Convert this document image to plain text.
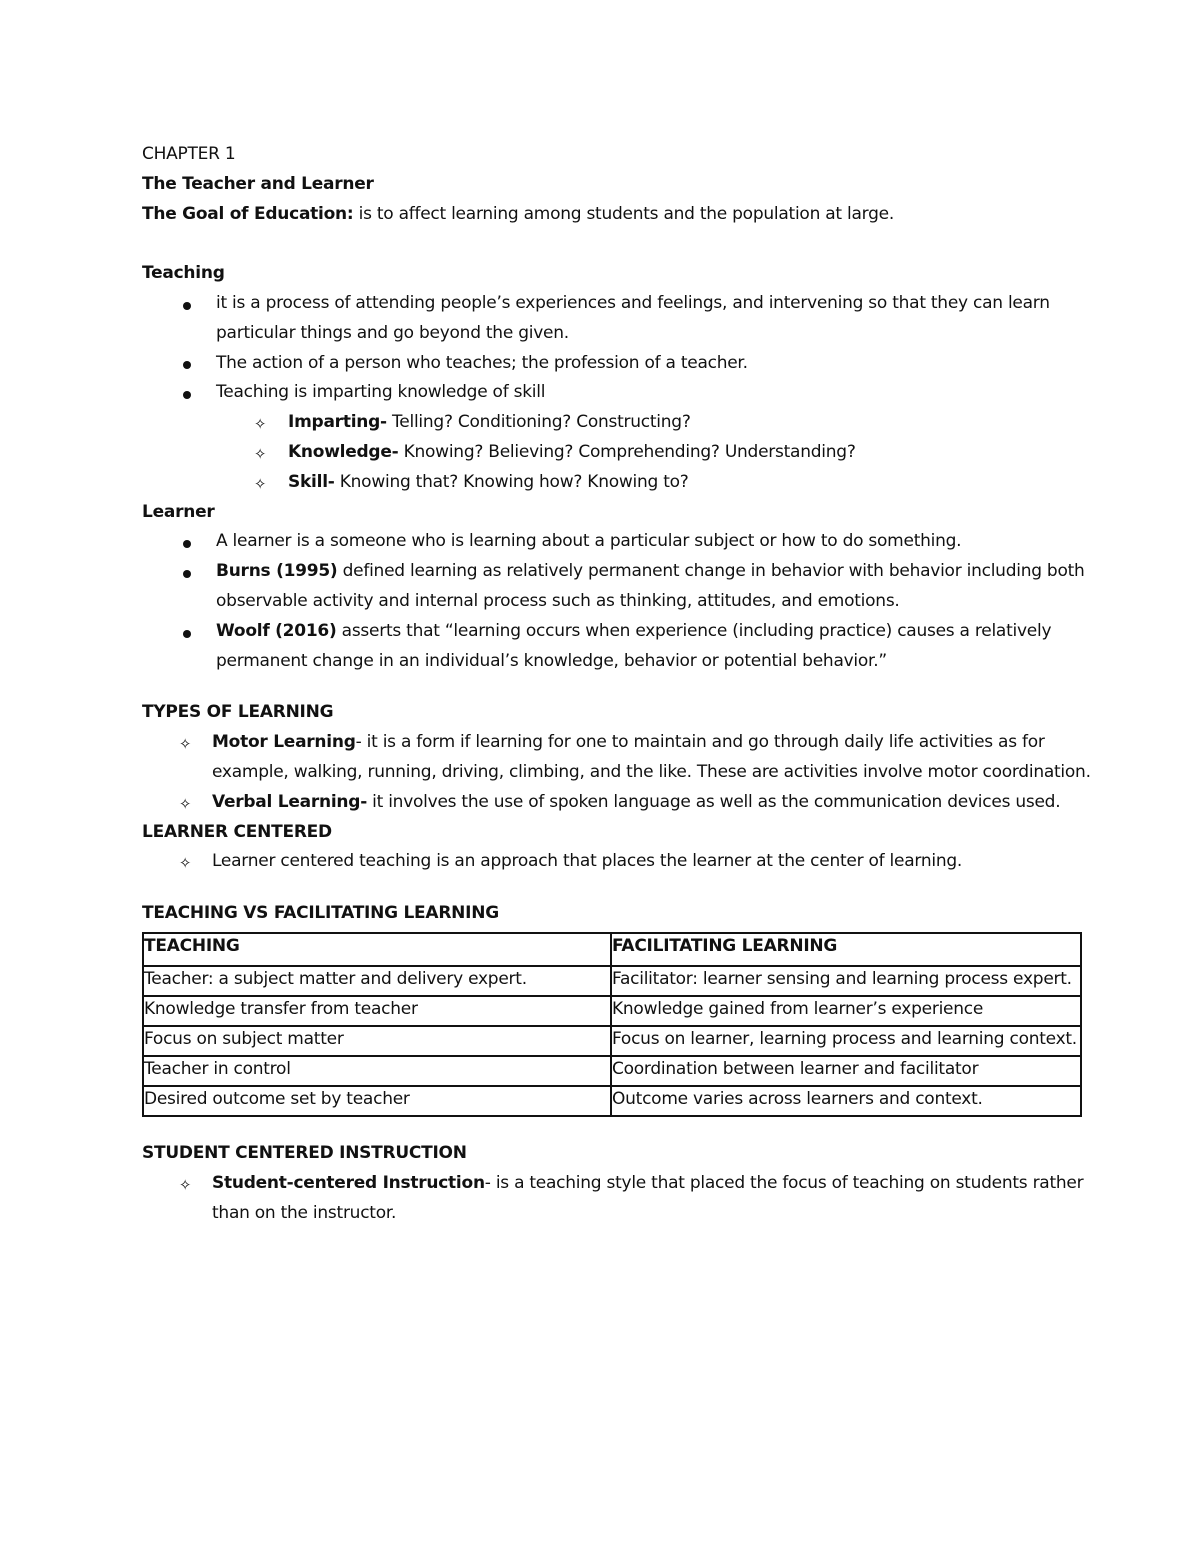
CHAPTER 1
The Teacher and Learner
The Goal of Education: is to affect learning among students and the population at large.
Teaching
it is a process of attending people’s experiences and feelings, and intervening so that they can learn particular things and go beyond the given.
The action of a person who teaches; the profession of a teacher.
Teaching is imparting knowledge of skill
✧ Imparting- Telling? Conditioning? Constructing?
✧ Knowledge- Knowing? Believing? Comprehending? Understanding?
✧ Skill- Knowing that? Knowing how? Knowing to?
Learner
A learner is a someone who is learning about a particular subject or how to do something.
Burns (1995) defined learning as relatively permanent change in behavior with behavior including both observable activity and internal process such as thinking, attitudes, and emotions.
Woolf (2016) asserts that “learning occurs when experience (including practice) causes a relatively permanent change in an individual’s knowledge, behavior or potential behavior.”
TYPES OF LEARNING
✧ Motor Learning- it is a form if learning for one to maintain and go through daily life activities as for example, walking, running, driving, climbing, and the like. These are activities involve motor coordination.
✧ Verbal Learning- it involves the use of spoken language as well as the communication devices used.
LEARNER CENTERED
✧ Learner centered teaching is an approach that places the learner at the center of learning.
TEACHING VS FACILITATING LEARNING
TEACHING	FACILITATING LEARNING
Teacher: a subject matter and delivery expert.	Facilitator: learner sensing and learning process expert.
Knowledge transfer from teacher	Knowledge gained from learner’s experience
Focus on subject matter	Focus on learner, learning process and learning context.
Teacher in control	Coordination between learner and facilitator
Desired outcome set by teacher	Outcome varies across learners and context.
STUDENT CENTERED INSTRUCTION
✧ Student-centered Instruction- is a teaching style that placed the focus of teaching on students rather than on the instructor.
